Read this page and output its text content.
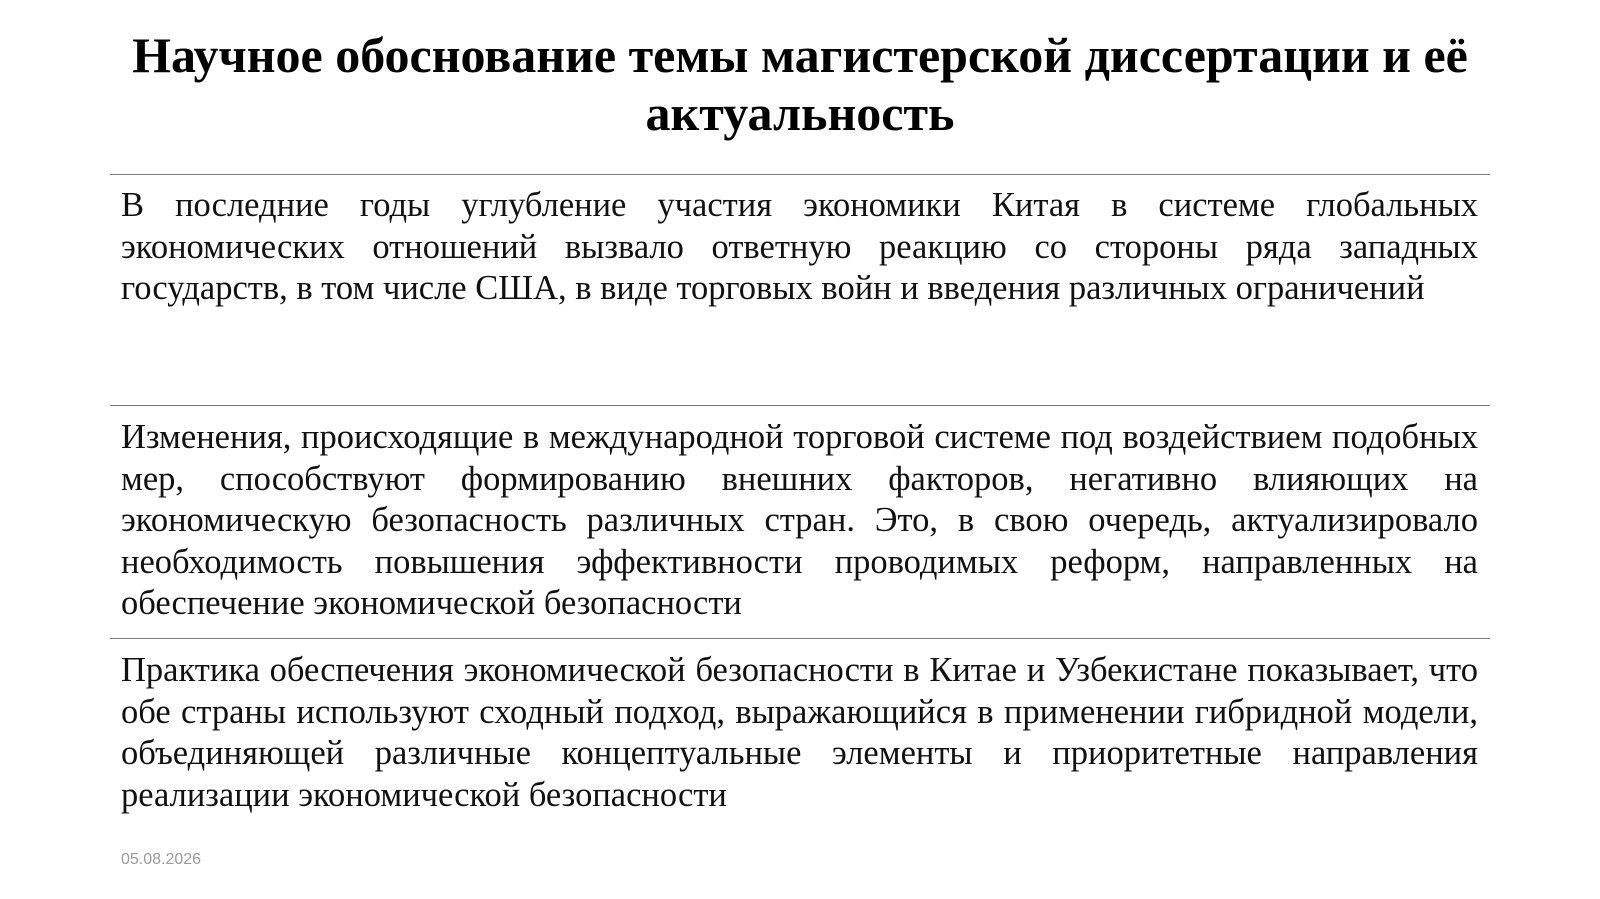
Научное обоснование темы магистерской диссертации и её актуальность

В последние годы углубление участия экономики Китая в системе глобальных экономических отношений вызвало ответную реакцию со стороны ряда западных государств, в том числе США, в виде торговых войн и введения различных ограничений

Изменения, происходящие в международной торговой системе под воздействием подобных мер, способствуют формированию внешних факторов, негативно влияющих на экономическую безопасность различных стран. Это, в свою очередь, актуализировало необходимость повышения эффективности проводимых реформ, направленных на обеспечение экономической безопасности

Практика обеспечения экономической безопасности в Китае и Узбекистане показывает, что обе страны используют сходный подход, выражающийся в применении гибридной модели, объединяющей различные концептуальные элементы и приоритетные направления реализации экономической безопасности

05.08.2026
